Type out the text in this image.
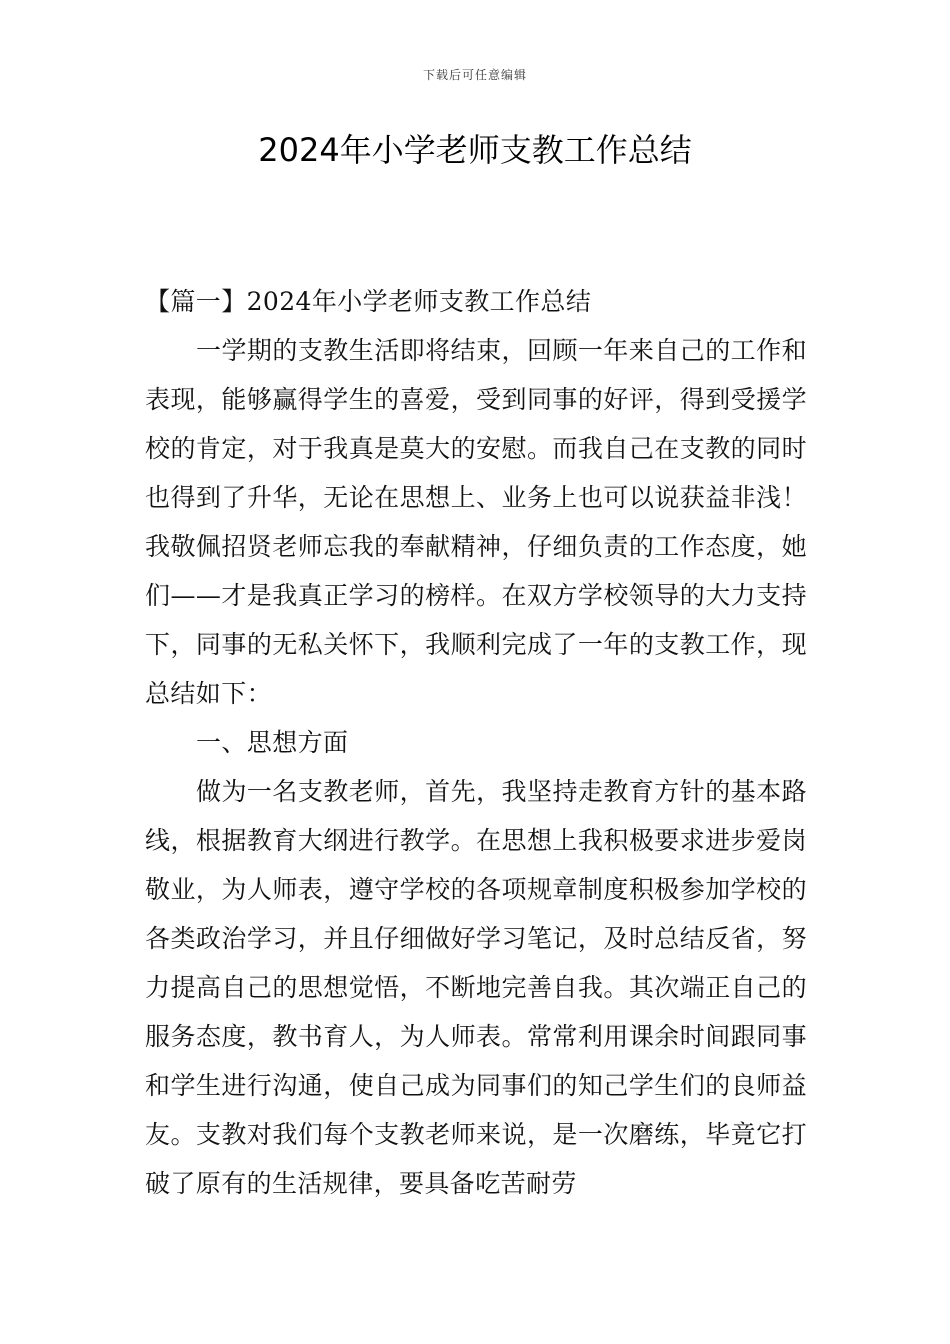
下载后可任意编辑
2024年小学老师支教工作总结

【篇一】2024年小学老师支教工作总结

一学期的支教生活即将结束，回顾一年来自己的工作和表现，能够赢得学生的喜爱，受到同事的好评，得到受援学校的肯定，对于我真是莫大的安慰。而我自己在支教的同时也得到了升华，无论在思想上、业务上也可以说获益非浅！我敬佩招贤老师忘我的奉献精神，仔细负责的工作态度，她们——才是我真正学习的榜样。在双方学校领导的大力支持下，同事的无私关怀下，我顺利完成了一年的支教工作，现总结如下：

一、思想方面

做为一名支教老师，首先，我坚持走教育方针的基本路线，根据教育大纲进行教学。在思想上我积极要求进步爱岗敬业，为人师表，遵守学校的各项规章制度积极参加学校的各类政治学习，并且仔细做好学习笔记，及时总结反省，努力提高自己的思想觉悟，不断地完善自我。其次端正自己的服务态度，教书育人，为人师表。常常利用课余时间跟同事和学生进行沟通，使自己成为同事们的知己学生们的良师益友。支教对我们每个支教老师来说，是一次磨练，毕竟它打破了原有的生活规律，要具备吃苦耐劳
